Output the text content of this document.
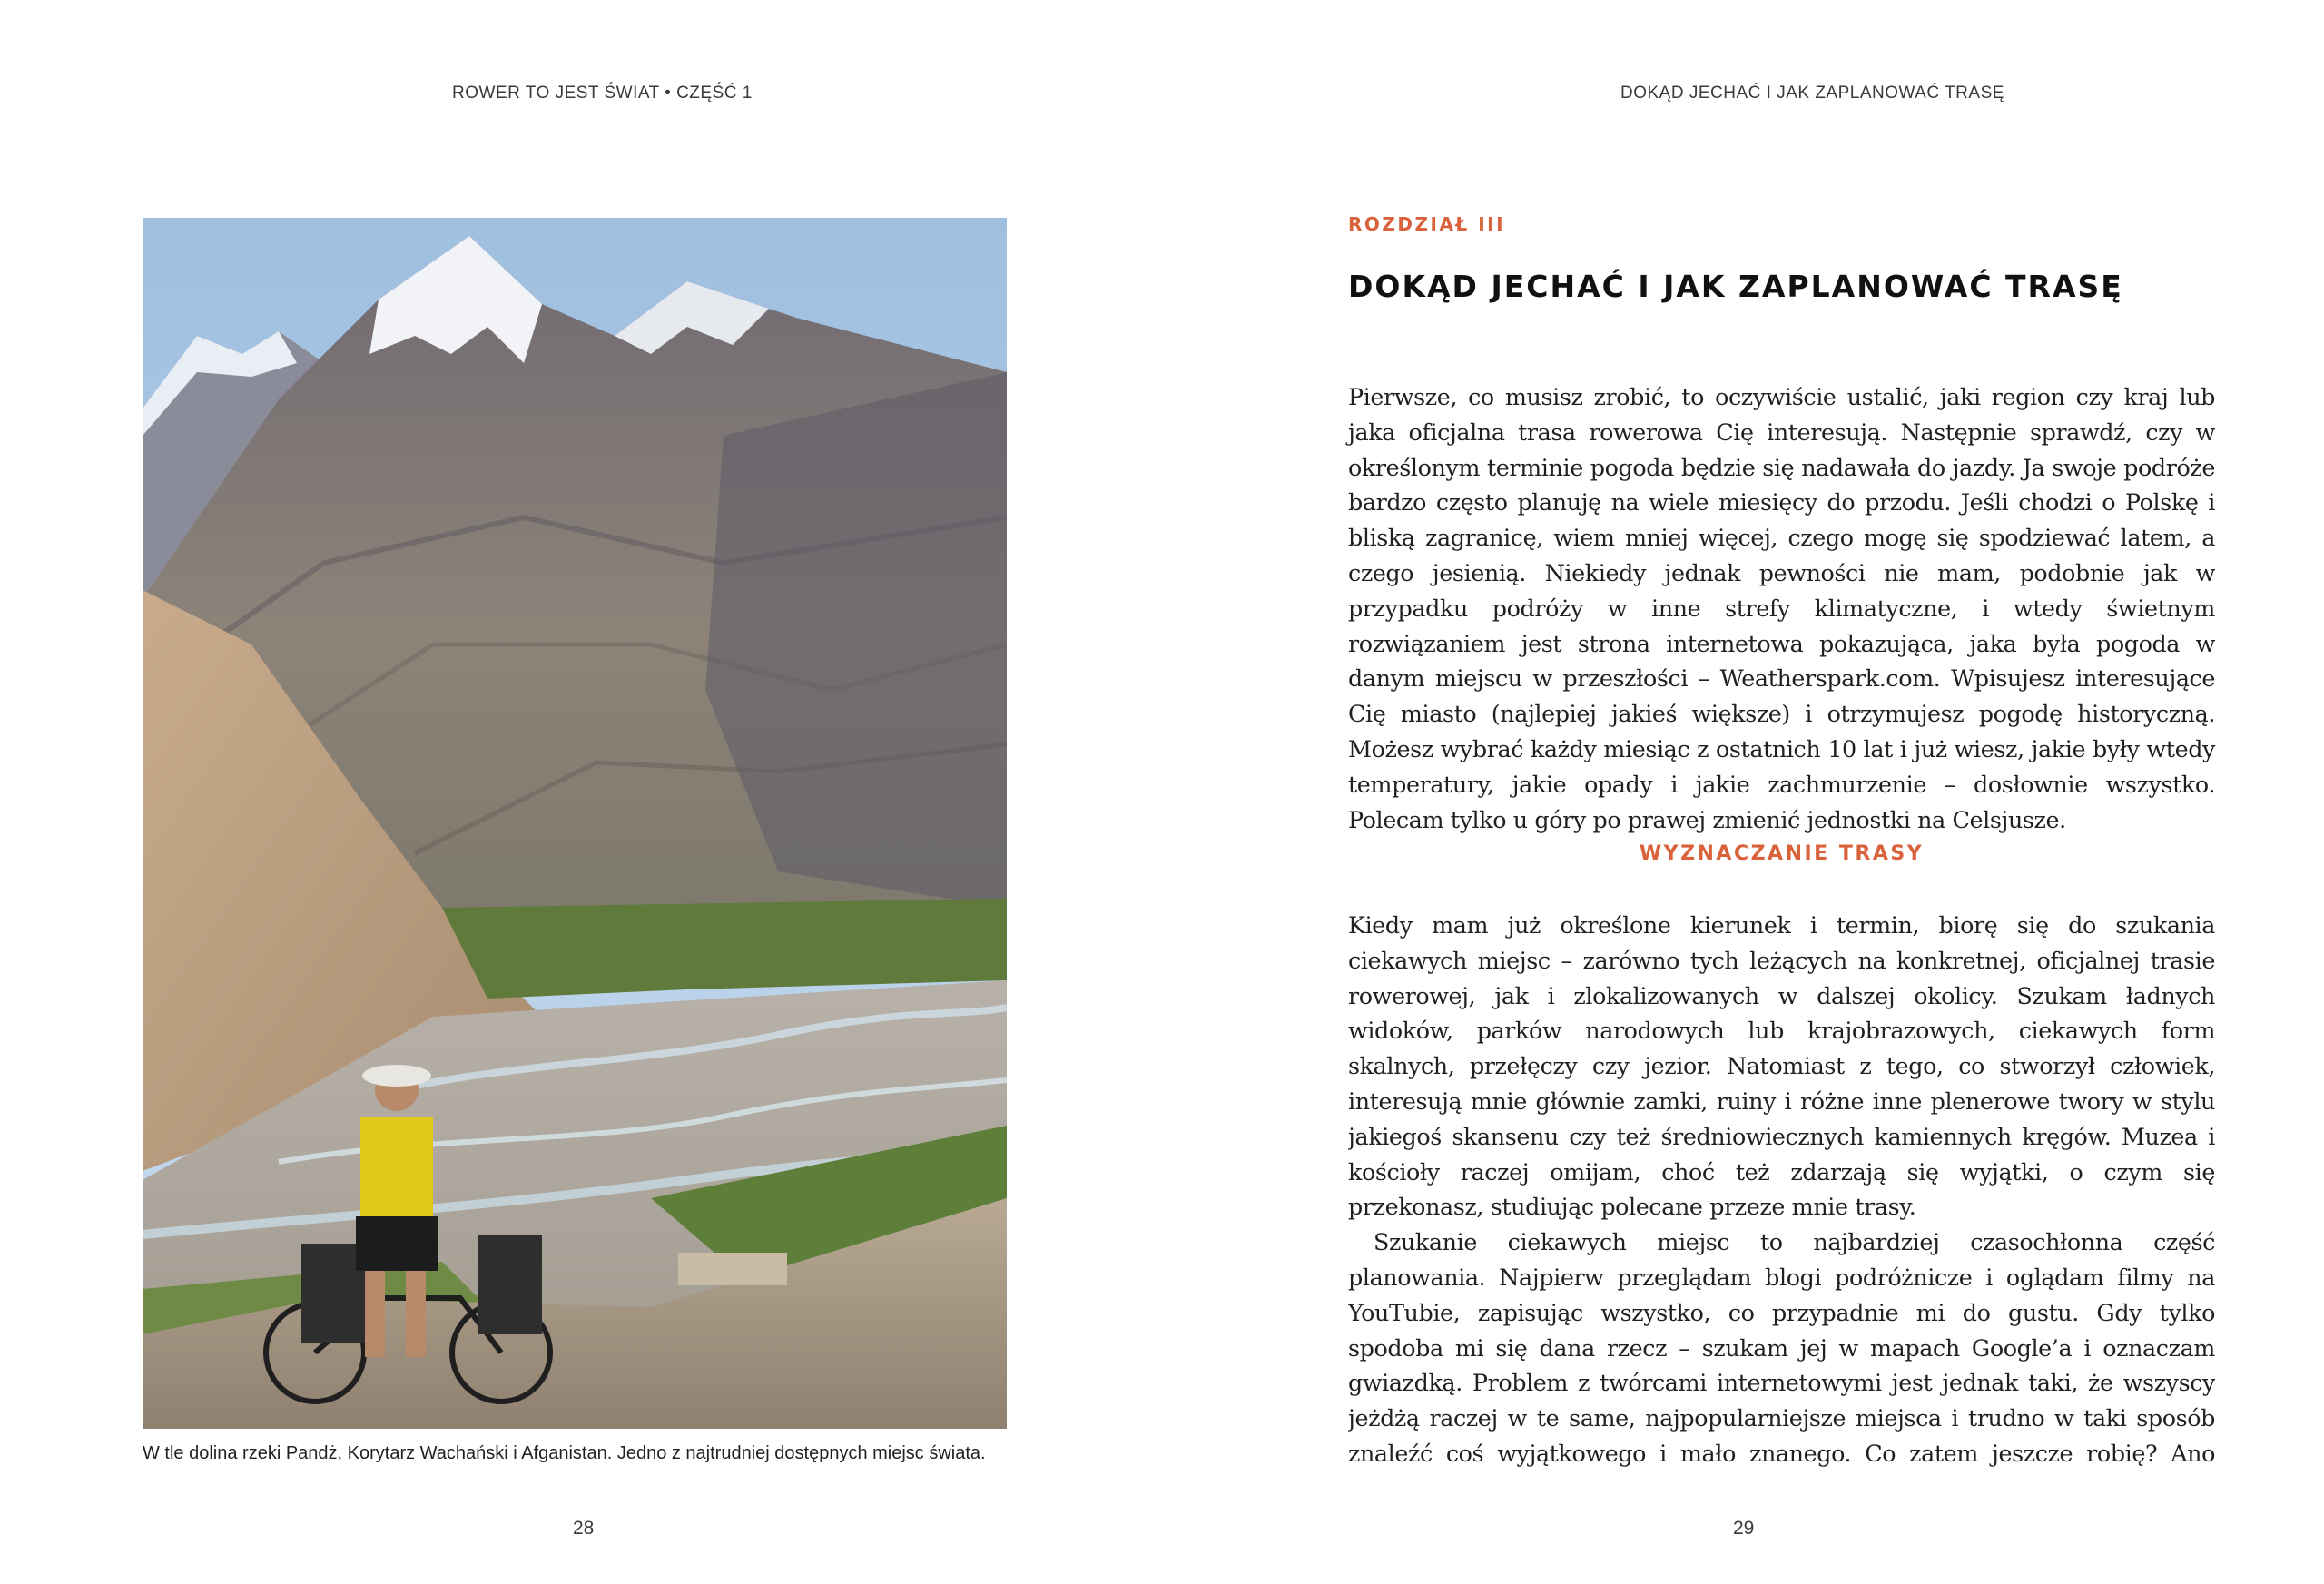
ROWER TO JEST ŚWIAT • CZĘŚĆ 1
W tle dolina rzeki Pandż, Korytarz Wachański i Afganistan. Jedno z najtrudniej dostępnych miejsc świata.
28
DOKĄD JECHAĆ I JAK ZAPLANOWAĆ TRASĘ
ROZDZIAŁ III
DOKĄD JECHAĆ I JAK ZAPLANOWAĆ TRASĘ

Pierwsze, co musisz zrobić, to oczywiście ustalić, jaki region czy kraj lub jaka oficjalna trasa rowerowa Cię interesują. Następnie sprawdź, czy w określonym terminie pogoda będzie się nadawała do jazdy. Ja swoje podróże bardzo często planuję na wiele miesięcy do przodu. Jeśli chodzi o Polskę i bliską zagranicę, wiem mniej więcej, czego mogę się spodziewać latem, a czego jesienią. Niekiedy jednak pewności nie mam, podobnie jak w przypadku podróży w inne strefy klimatyczne, i wtedy świetnym rozwiązaniem jest strona internetowa pokazująca, jaka była pogoda w danym miejscu w przeszłości – Weatherspark.com. Wpisujesz interesujące Cię miasto (najlepiej jakieś większe) i otrzymujesz pogodę historyczną. Możesz wybrać każdy miesiąc z ostatnich 10 lat i już wiesz, jakie były wtedy temperatury, jakie opady i jakie zachmurzenie – dosłownie wszystko. Polecam tylko u góry po prawej zmienić jednostki na Celsjusze.

WYZNACZANIE TRASY

Kiedy mam już określone kierunek i termin, biorę się do szukania ciekawych miejsc – zarówno tych leżących na konkretnej, oficjalnej trasie rowerowej, jak i zlokalizowanych w dalszej okolicy. Szukam ładnych widoków, parków narodowych lub krajobrazowych, ciekawych form skalnych, przełęczy czy jezior. Natomiast z tego, co stworzył człowiek, interesują mnie głównie zamki, ruiny i różne inne plenerowe twory w stylu jakiegoś skansenu czy też średniowiecznych kamiennych kręgów. Muzea i kościoły raczej omijam, choć też zdarzają się wyjątki, o czym się przekonasz, studiując polecane przeze mnie trasy.

Szukanie ciekawych miejsc to najbardziej czasochłonna część planowania. Najpierw przeglądam blogi podróżnicze i oglądam filmy na YouTubie, zapisując wszystko, co przypadnie mi do gustu. Gdy tylko spodoba mi się dana rzecz – szukam jej w mapach Google’a i oznaczam gwiazdką. Problem z twórcami internetowymi jest jednak taki, że wszyscy jeżdżą raczej w te same, najpopularniejsze miejsca i trudno w taki sposób znaleźć coś wyjątkowego i mało znanego. Co zatem jeszcze robię? Ano

29
